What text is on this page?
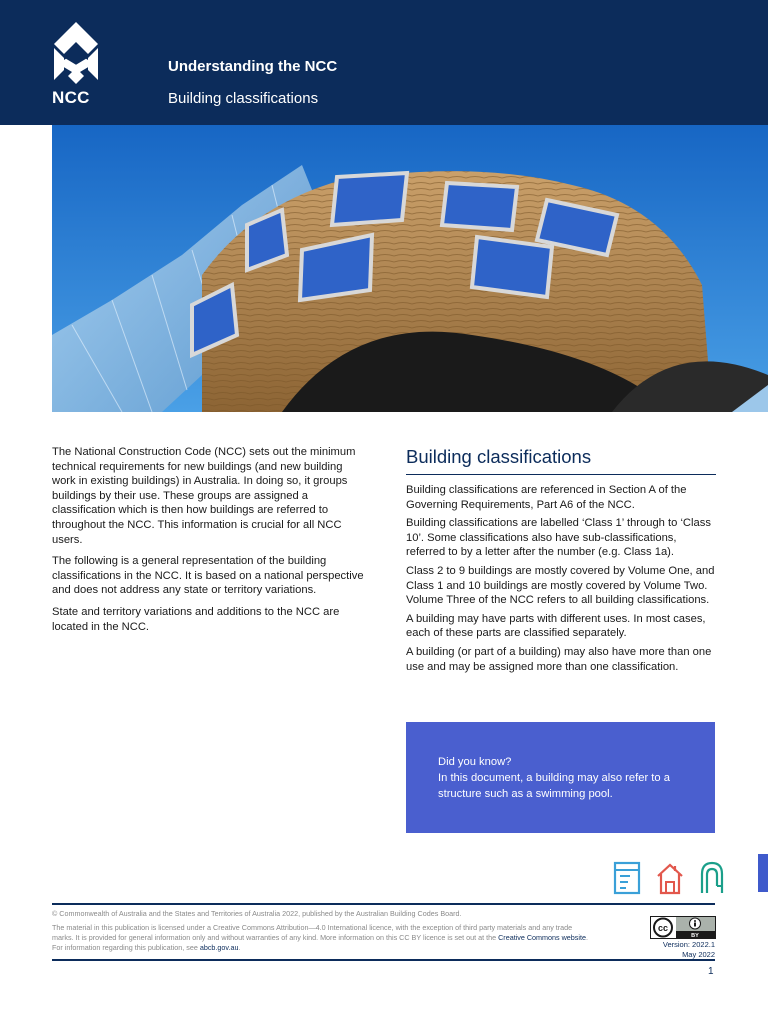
NCC
Understanding the NCC
Building classifications

The National Construction Code (NCC) sets out the minimum technical requirements for new buildings (and new building work in existing buildings) in Australia. In doing so, it groups buildings by their use. These groups are assigned a classification which is then how buildings are referred to throughout the NCC. This information is crucial for all NCC users.

The following is a general representation of the building classifications in the NCC. It is based on a national perspective and does not address any state or territory variations.

State and territory variations and additions to the NCC are located in the NCC.

Building classifications

Building classifications are referenced in Section A of the Governing Requirements, Part A6 of the NCC.

Building classifications are labelled ‘Class 1’ through to ‘Class 10’. Some classifications also have sub-classifications, referred to by a letter after the number (e.g. Class 1a).

Class 2 to 9 buildings are mostly covered by Volume One, and Class 1 and 10 buildings are mostly covered by Volume Two. Volume Three of the NCC refers to all building classifications.

A building may have parts with different uses. In most cases, each of these parts are classified separately.

A building (or part of a building) may also have more than one use and may be assigned more than one classification.

Did you know?
In this document, a building may also refer to a structure such as a swimming pool.
© Commonwealth of Australia and the States and Territories of Australia 2022, published by the Australian Building Codes Board.
The material in this publication is licensed under a Creative Commons Attribution—4.0 International licence, with the exception of third party materials and any trade marks. It is provided for general information only and without warranties of any kind. More information on this CC BY licence is set out at the Creative Commons website. For information regarding this publication, see abcb.gov.au.
cc
BY
Version: 2022.1
May 2022
1
